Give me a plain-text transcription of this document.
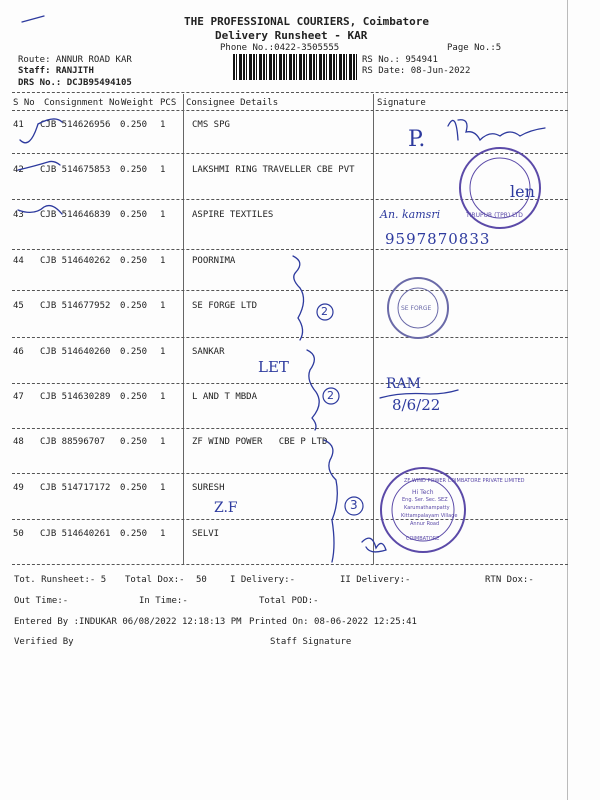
THE PROFESSIONAL COURIERS, Coimbatore
Delivery Runsheet - KAR
Phone No.:0422-3505555	Page No.:5
Route: ANNUR ROAD KAR
Staff: RANJITH
DRS No.: DCJB95494105
RS No.: 954941
RS Date: 08-Jun-2022
S No Consignment No Weight PCS Consignee Details	Signature
41 CJB 514626956 0.250 1	CMS SPG
42 CJB 514675853 0.250 1	LAKSHMI RING TRAVELLER CBE PVT
43 CJB 514646839 0.250 1	ASPIRE TEXTILES
44 CJB 514640262 0.250 1	POORNIMA
45 CJB 514677952 0.250 1	SE FORGE LTD
46 CJB 514640260 0.250 1	SANKAR
47 CJB 514630289 0.250 1	L AND T MBDA
48 CJB 88596707 0.250 1	ZF WIND POWER   CBE P LTD
49 CJB 514717172 0.250 1	SURESH
50 CJB 514640261 0.250 1	SELVI
Tot. Runsheet:- 5 Total Dox:- 50	I Delivery:-	II Delivery:-	RTN Dox:-
Out Time:-	In Time:-	Total POD:-
Entered By :INDUKAR 06/08/2022 12:18:13 PM Printed On: 08-06-2022 12:25:41
Verified By	Staff Signature
P.
len
An. kamsri
9597870833
LET
2
2
3
RAM
8/6/22
Z.F
TIRUPUR (TPR) LTD
SE FORGE
ZF WIND POWER COIMBATORE PRIVATE LIMITED
Hi Tech
Eng. Ser. Sec. SEZ
Karumathampatty
Kittampalayam Village
Annur Road
COIMBATORE
